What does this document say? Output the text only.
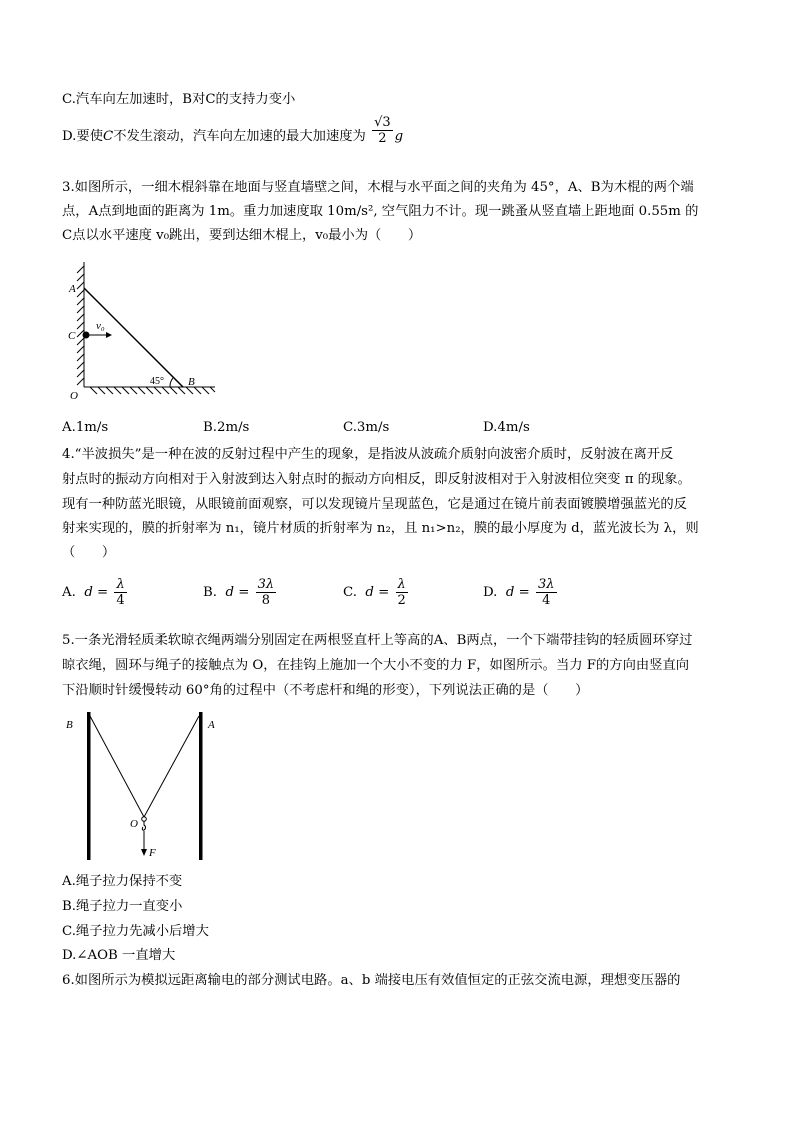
C.汽车向左加速时，B对C的支持力变小
D.要使C不发生滚动，汽车向左加速的最大加速度为 $\frac{√3}{2}$ g
3.如图所示，一细木棍斜靠在地面与竖直墙壁之间，木棍与水平面之间的夹角为 45°，A、B为木棍的两个端
点，A点到地面的距离为 1m。重力加速度取 10m/s², 空气阻力不计。现一跳蚤从竖直墙上距地面 0.55m 的
C点以水平速度 v₀跳出，要到达细木棍上，v₀最小为（　　）
A
C
O
B
v₀
45°
A.1m/s	B.2m/s	C.3m/s	D.4m/s
4.“半波损失”是一种在波的反射过程中产生的现象，是指波从波疏介质射向波密介质时，反射波在离开反
射点时的振动方向相对于入射波到达入射点时的振动方向相反，即反射波相对于入射波相位突变 π 的现象。
现有一种防蓝光眼镜，从眼镜前面观察，可以发现镜片呈现蓝色，它是通过在镜片前表面镀膜增强蓝光的反
射来实现的，膜的折射率为 n₁，镜片材质的折射率为 n₂，且 n₁>n₂，膜的最小厚度为 d，蓝光波长为 λ，则
（　　）
A. $d = \frac{\lambda}{4}$	B. $d = \frac{3\lambda}{8}$	C. $d = \frac{\lambda}{2}$	D. $d = \frac{3\lambda}{4}$
5.一条光滑轻质柔软晾衣绳两端分别固定在两根竖直杆上等高的A、B两点，一个下端带挂钩的轻质圆环穿过
晾衣绳，圆环与绳子的接触点为 O，在挂钩上施加一个大小不变的力 F，如图所示。当力 F的方向由竖直向
下沿顺时针缓慢转动 60°角的过程中（不考虑杆和绳的形变），下列说法正确的是（　　）
B	A
O
F
A.绳子拉力保持不变
B.绳子拉力一直变小
C.绳子拉力先减小后增大
D.∠AOB 一直增大
6.如图所示为模拟远距离输电的部分测试电路。a、b 端接电压有效值恒定的正弦交流电源，理想变压器的
